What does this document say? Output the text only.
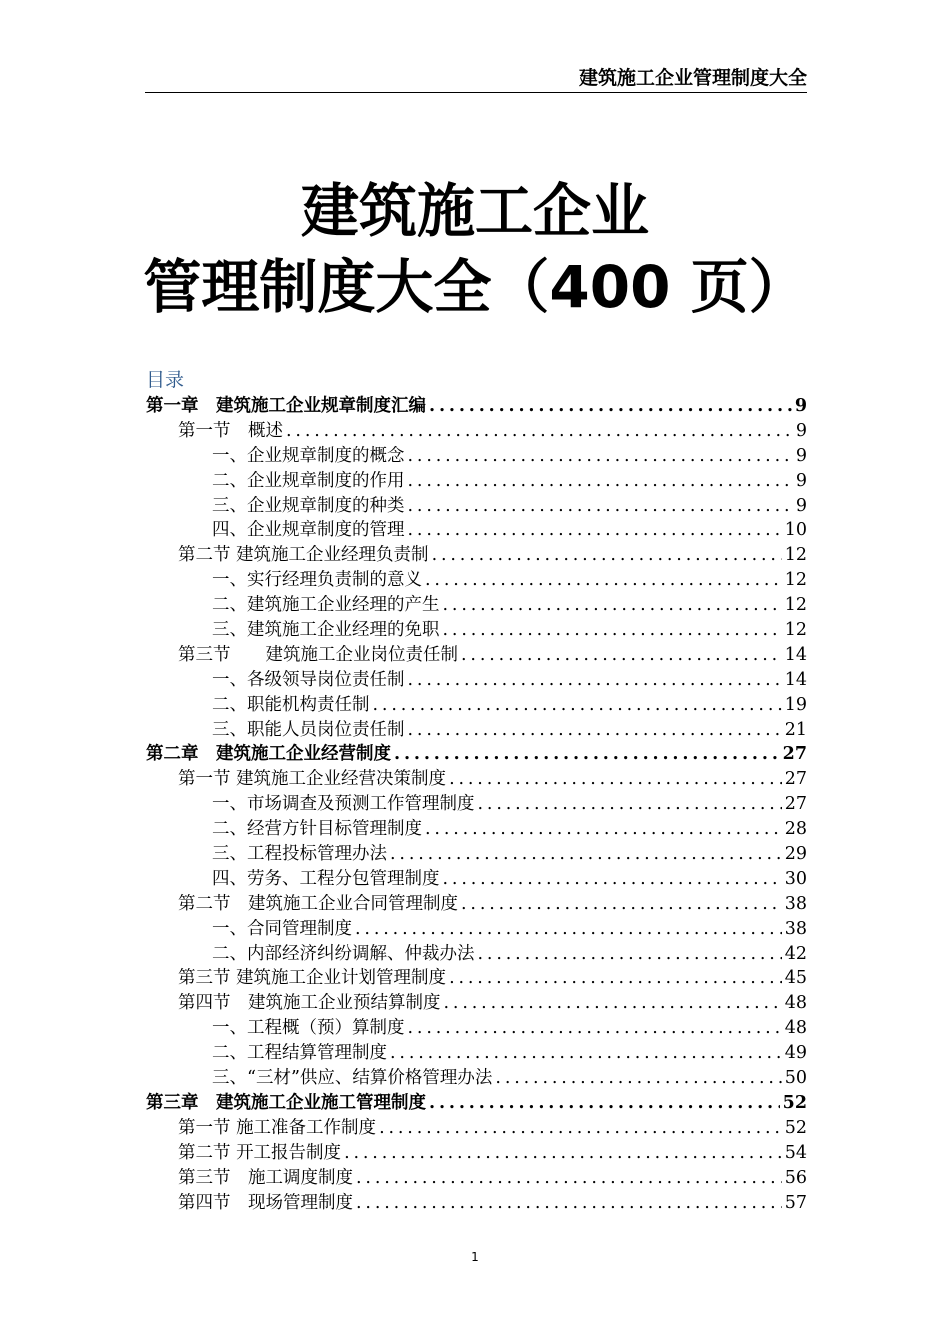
建筑施工企业管理制度大全
建筑施工企业
管理制度大全（400 页）
目录
第一章　建筑施工企业规章制度汇编 .....	9
第一节　概述 .....	9
一、企业规章制度的概念 .....	9
二、企业规章制度的作用 .....	9
三、企业规章制度的种类 .....	9
四、企业规章制度的管理 .....	10
第二节 建筑施工企业经理负责制 .....	12
一、实行经理负责制的意义 .....	12
二、建筑施工企业经理的产生 .....	12
三、建筑施工企业经理的免职 .....	12
第三节　　建筑施工企业岗位责任制 .....	14
一、各级领导岗位责任制 .....	14
二、职能机构责任制 .....	19
三、职能人员岗位责任制 .....	21
第二章　建筑施工企业经营制度 .....	27
第一节 建筑施工企业经营决策制度 .....	27
一、市场调查及预测工作管理制度 .....	27
二、经营方针目标管理制度 .....	28
三、工程投标管理办法 .....	29
四、劳务、工程分包管理制度 .....	30
第二节　建筑施工企业合同管理制度 .....	38
一、合同管理制度 .....	38
二、内部经济纠纷调解、仲裁办法 .....	42
第三节 建筑施工企业计划管理制度 .....	45
第四节　建筑施工企业预结算制度 .....	48
一、工程概（预）算制度 .....	48
二、工程结算管理制度 .....	49
三、“三材”供应、结算价格管理办法 .....	50
第三章　建筑施工企业施工管理制度 .....	52
第一节 施工准备工作制度 .....	52
第二节 开工报告制度 .....	54
第三节　施工调度制度 .....	56
第四节　现场管理制度 .....	57
1
